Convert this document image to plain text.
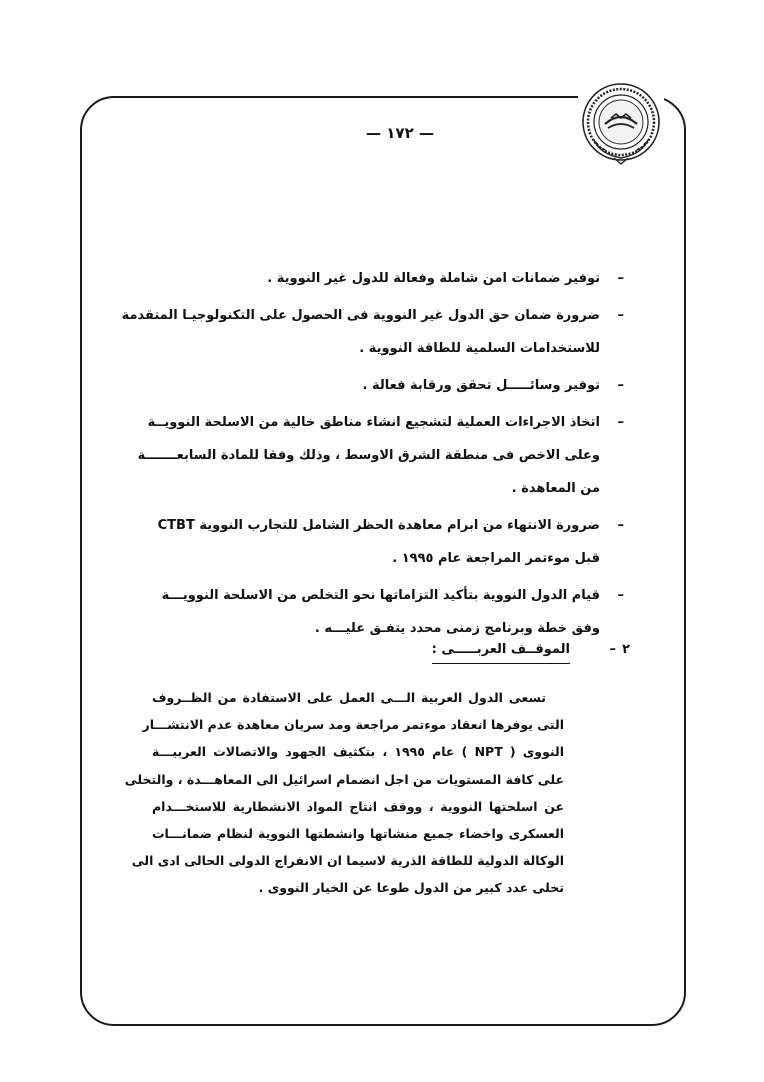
— ١٧٢ —
–
توفير ضمانات امن شاملة وفعالة للدول غير النووية .
–
ضرورة ضمان حق الدول غير النووية فى الحصول على التكنولوجيـا المتقدمة
للاستخدامات السلمية للطاقة النووية .
–
توفير وسائـــــل تحقق ورقابة فعالة .
–
اتخاذ الاجراءات العملية لتشجيع انشاء مناطق خالية من الاسلحة النوويــة
وعلى الاخص فى منطقة الشرق الاوسط ، وذلك وفقا للمادة السابعـــــــة
من المعاهدة .
–
ضرورة الانتهاء من ابرام معاهدة الحظر الشامل للتجارب النووية CTBT
قبل موءتمر المراجعة عام ١٩٩٥ .
–
قيام الدول النووية بتأكيد التزاماتها نحو التخلص من الاسلحة النوويـــة
وفق خطة وبرنامج زمنى محدد يتفـق عليـــه .
٢
–
الموقــف العربـــــى :
تسعى الدول العربية الـــى العمل على الاستفادة من الظــروف
التى يوفرها انعقاد موءتمر مراجعة ومد سريان معاهدة عدم الانتشـــار
النووى ( NPT ) عام ١٩٩٥ ، بتكثيف الجهود والاتصالات العربيـــة
على كافة المستويات من اجل انضمام اسرائيل الى المعاهـــدة ، والتخلى
عن اسلحتها النووية ، ووقف انتاج المواد الانشطارية للاستخـــدام
العسكرى واخضاء جميع منشاتها وانشطتها النووية لنظام ضمانـــات
الوكالة الدولية للطاقة الذرية لاسيما ان الانفراج الدولى الحالى ادى الى
تخلى عدد كبير من الدول طوعا عن الخيار النووى .
